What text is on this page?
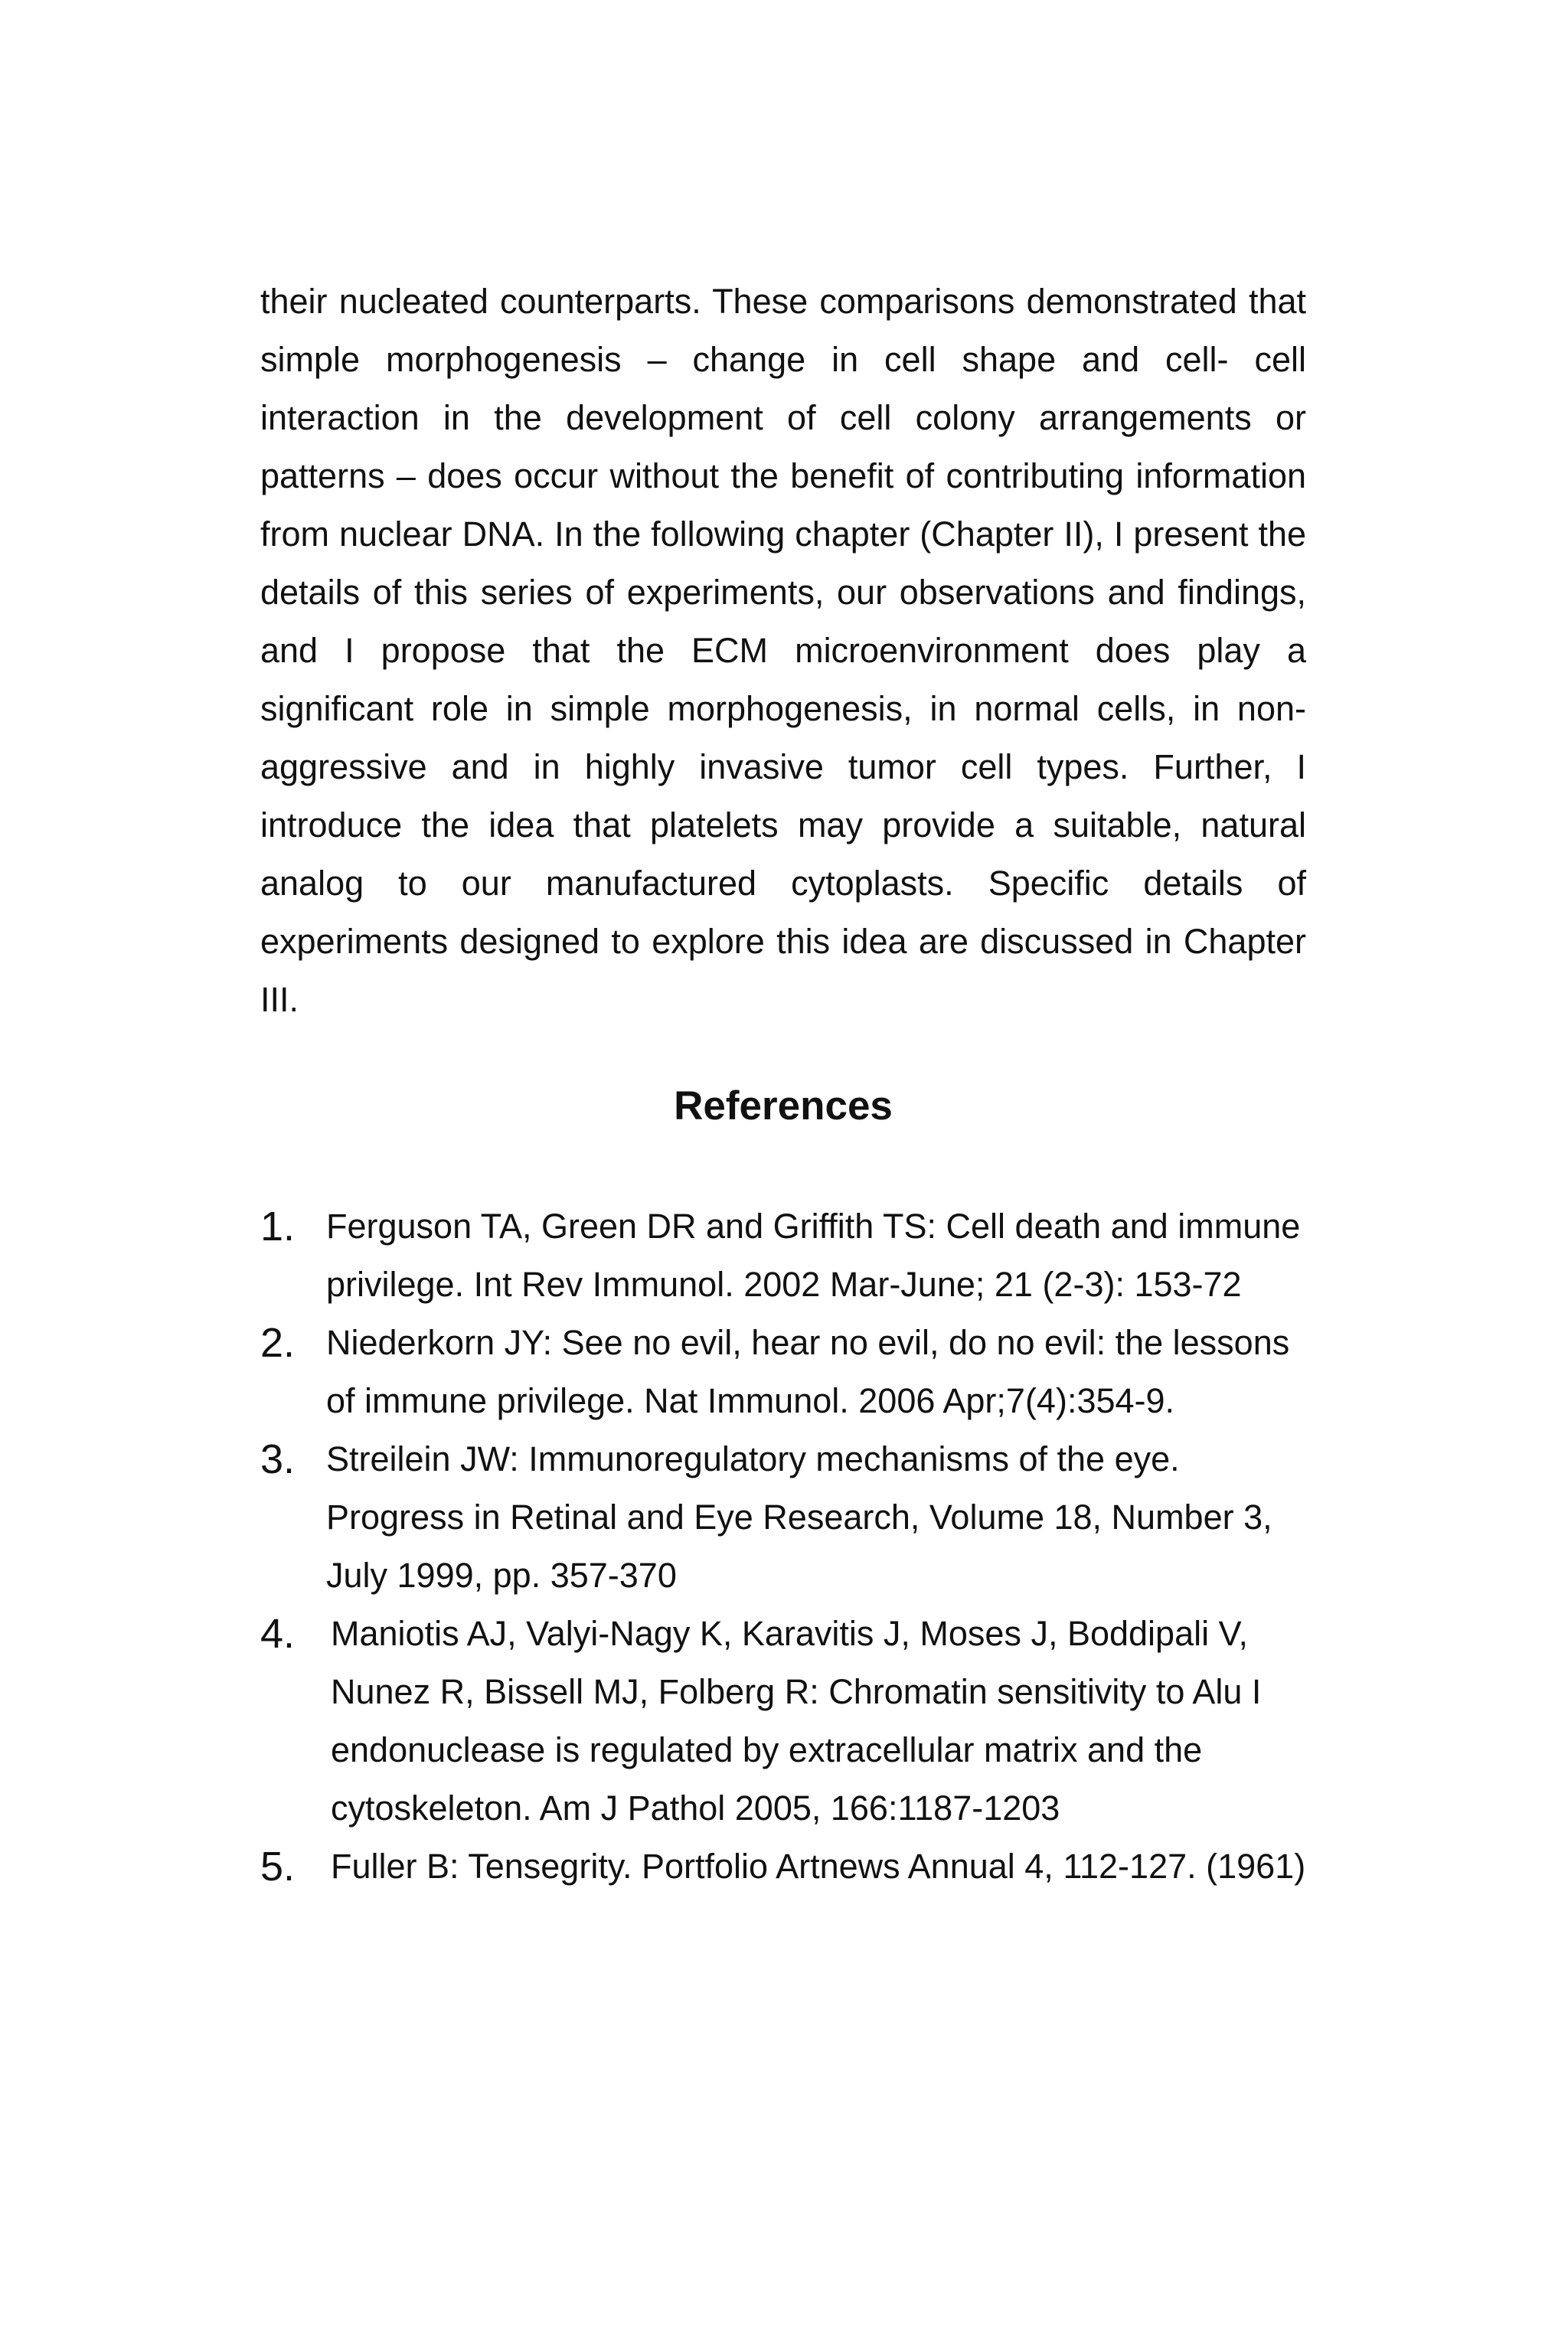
their nucleated counterparts. These comparisons demonstrated that simple morphogenesis – change in cell shape and cell- cell interaction in the development of cell colony arrangements or patterns – does occur without the benefit of contributing information from nuclear DNA. In the following chapter (Chapter II), I present the details of this series of experiments, our observations and findings, and I propose that the ECM microenvironment does play a significant role in simple morphogenesis, in normal cells, in non-aggressive and in highly invasive tumor cell types. Further, I introduce the idea that platelets may provide a suitable, natural analog to our manufactured cytoplasts. Specific details of experiments designed to explore this idea are discussed in Chapter III.

References
1. Ferguson TA, Green DR and Griffith TS: Cell death and immune privilege. Int Rev Immunol. 2002 Mar-June; 21 (2-3): 153-72
2. Niederkorn JY: See no evil, hear no evil, do no evil: the lessons of immune privilege. Nat Immunol. 2006 Apr;7(4):354-9.
3. Streilein JW: Immunoregulatory mechanisms of the eye. Progress in Retinal and Eye Research, Volume 18, Number 3, July 1999, pp. 357-370
4. Maniotis AJ, Valyi-Nagy K, Karavitis J, Moses J, Boddipali V, Nunez R, Bissell MJ, Folberg R: Chromatin sensitivity to Alu I endonuclease is regulated by extracellular matrix and the cytoskeleton. Am J Pathol 2005, 166:1187-1203
5. Fuller B: Tensegrity. Portfolio Artnews Annual 4, 112-127. (1961)
